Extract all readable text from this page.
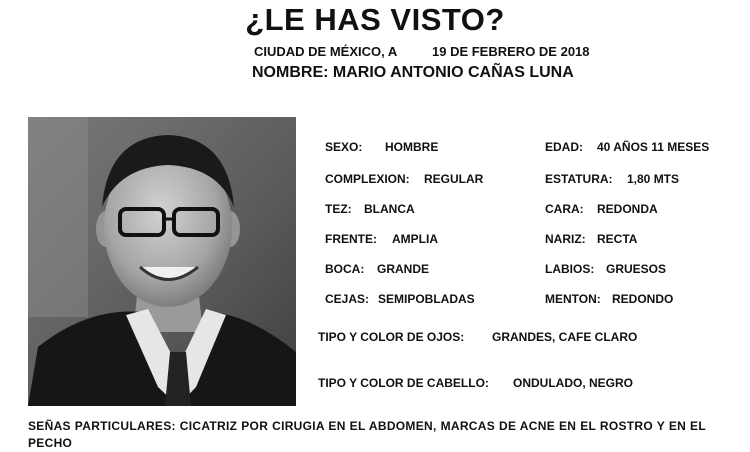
¿LE HAS VISTO?
CIUDAD DE MÉXICO, A	19 DE FEBRERO DE 2018
NOMBRE: MARIO ANTONIO CAÑAS LUNA
SEXO: HOMBRE
COMPLEXION: REGULAR
TEZ: BLANCA
FRENTE: AMPLIA
BOCA: GRANDE
CEJAS: SEMIPOBLADAS
EDAD: 40 AÑOS 11 MESES
ESTATURA: 1,80 MTS
CARA: REDONDA
NARIZ: RECTA
LABIOS: GRUESOS
MENTON: REDONDO
TIPO Y COLOR DE OJOS: GRANDES, CAFE CLARO
TIPO Y COLOR DE CABELLO: ONDULADO, NEGRO
SEÑAS PARTICULARES: CICATRIZ POR CIRUGIA EN EL ABDOMEN, MARCAS DE ACNE EN EL ROSTRO Y EN EL PECHO
